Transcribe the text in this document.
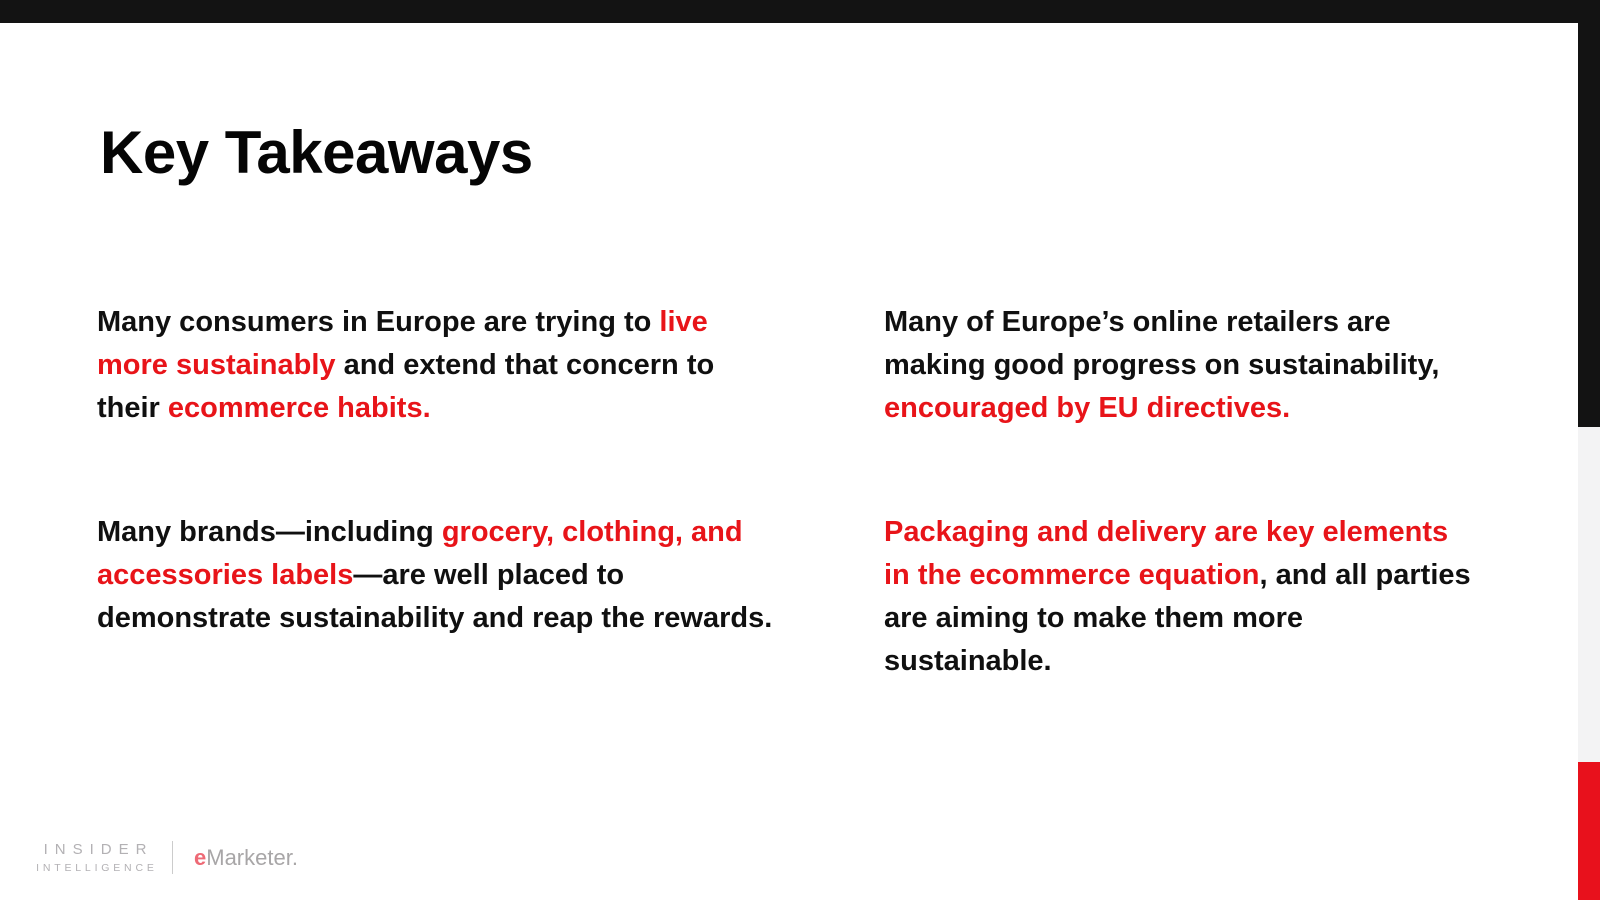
Key Takeaways
Many consumers in Europe are trying to live
more sustainably and extend that concern to
their ecommerce habits.
Many of Europe’s online retailers are
making good progress on sustainability,
encouraged by EU directives.
Many brands—including grocery, clothing, and
accessories labels—are well placed to
demonstrate sustainability and reap the rewards.
Packaging and delivery are key elements
in the ecommerce equation, and all parties
are aiming to make them more
sustainable.
INSIDER
INTELLIGENCE eMarketer.
